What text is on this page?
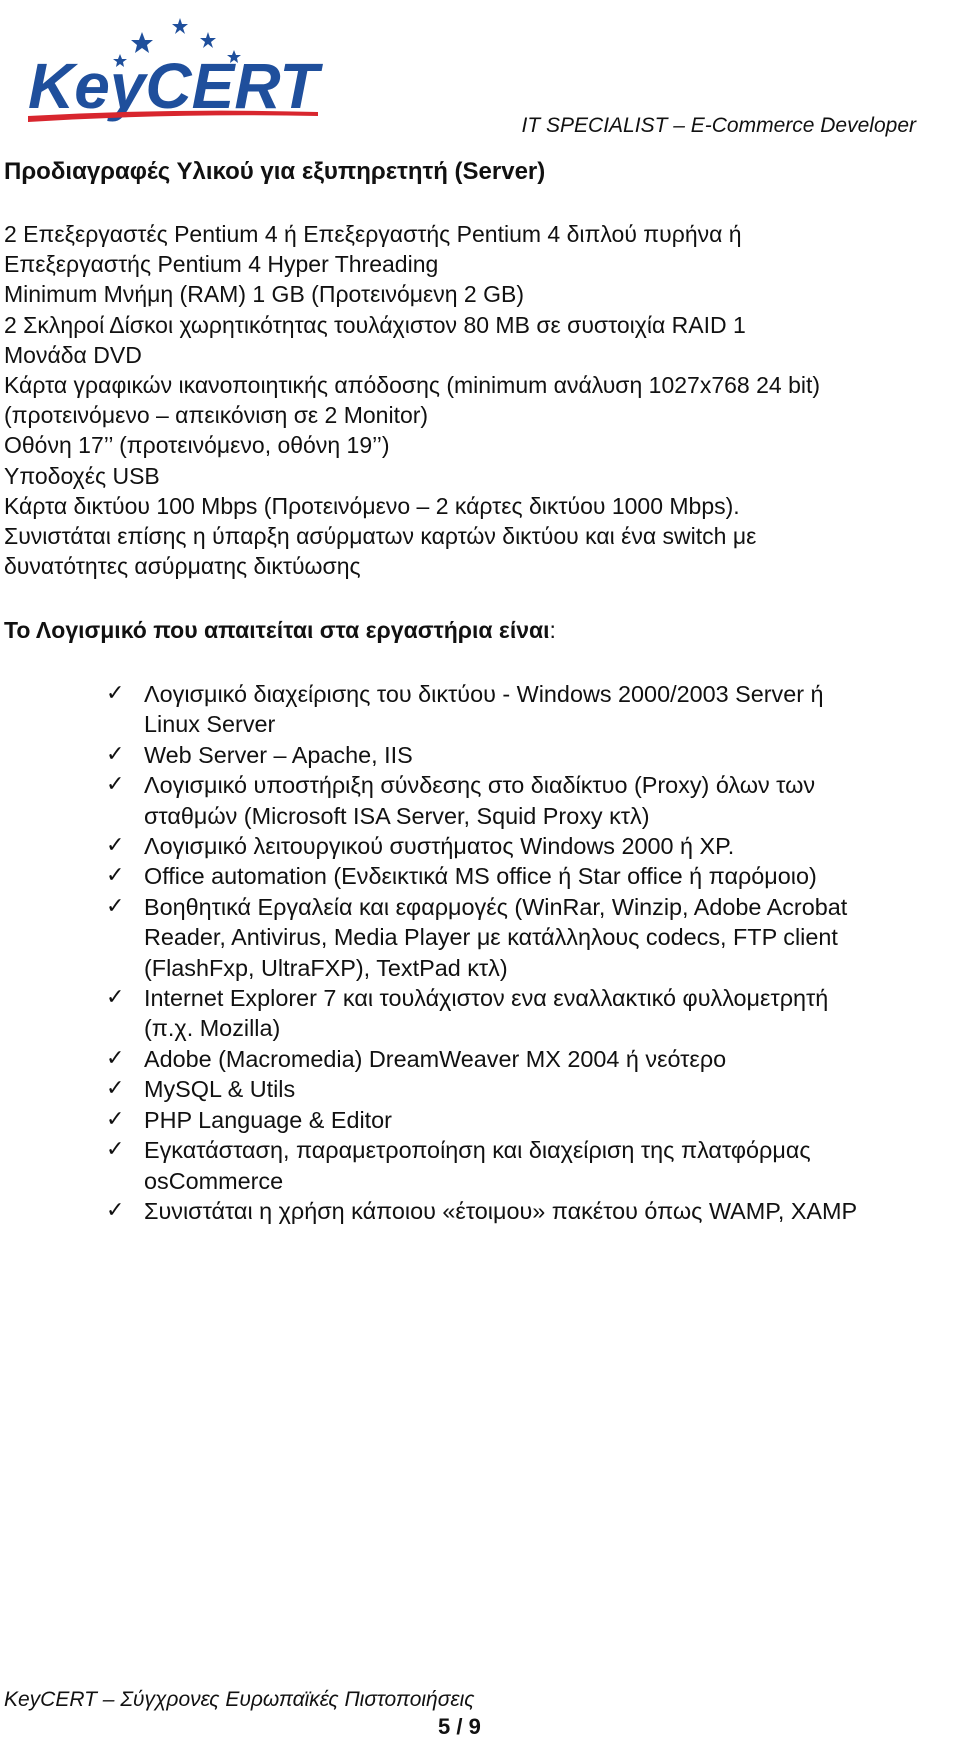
KeyCERT
IT SPECIALIST – E-Commerce Developer
Προδιαγραφές Υλικού για εξυπηρετητή (Server)
2 Επεξεργαστές Pentium 4 ή Επεξεργαστής Pentium 4 διπλού πυρήνα ή
Επεξεργαστής Pentium 4 Hyper Threading
Minimum Μνήμη (RAM) 1 GB (Προτεινόμενη 2 GB)
2 Σκληροί Δίσκοι χωρητικότητας τουλάχιστον 80 MB σε συστοιχία RAID 1
Μονάδα DVD
Κάρτα γραφικών ικανοποιητικής απόδοσης (minimum ανάλυση 1027x768 24 bit)
(προτεινόμενο – απεικόνιση σε 2 Monitor)
Οθόνη 17’’ (προτεινόμενο, οθόνη 19’’)
Υποδοχές USB
Κάρτα δικτύου 100 Mbps (Προτεινόμενο – 2 κάρτες δικτύου 1000 Mbps).
Συνιστάται επίσης η ύπαρξη ασύρματων καρτών δικτύου και ένα switch με
δυνατότητες ασύρματης δικτύωσης
Το Λογισμικό που απαιτείται στα εργαστήρια είναι:
✓ Λογισμικό διαχείρισης του δικτύου - Windows 2000/2003 Server ή
Linux Server
✓ Web Server – Apache, IIS
✓ Λογισμικό υποστήριξη σύνδεσης στο διαδίκτυο (Proxy) όλων των
σταθμών (Microsoft ISA Server, Squid Proxy κτλ)
✓ Λογισμικό λειτουργικού συστήματος Windows 2000 ή XP.
✓ Office automation (Ενδεικτικά MS office ή Star office ή παρόμοιο)
✓ Βοηθητικά Εργαλεία και εφαρμογές (WinRar, Winzip, Adobe Acrobat
Reader, Antivirus, Media Player με κατάλληλους codecs, FTP client
(FlashFxp, UltraFXP), TextPad κτλ)
✓ Internet Explorer 7 και τουλάχιστον ενα εναλλακτικό φυλλομετρητή
(π.χ. Mozilla)
✓ Adobe (Macromedia) DreamWeaver MX 2004 ή νεότερο
✓ MySQL & Utils
✓ PHP Language & Editor
✓ Εγκατάσταση, παραμετροποίηση και διαχείριση της πλατφόρμας
osCommerce
✓ Συνιστάται η χρήση κάποιου «έτοιμου» πακέτου όπως WAMP, XAMP
KeyCERT – Σύγχρονες Ευρωπαϊκές Πιστοποιήσεις
5 / 9
